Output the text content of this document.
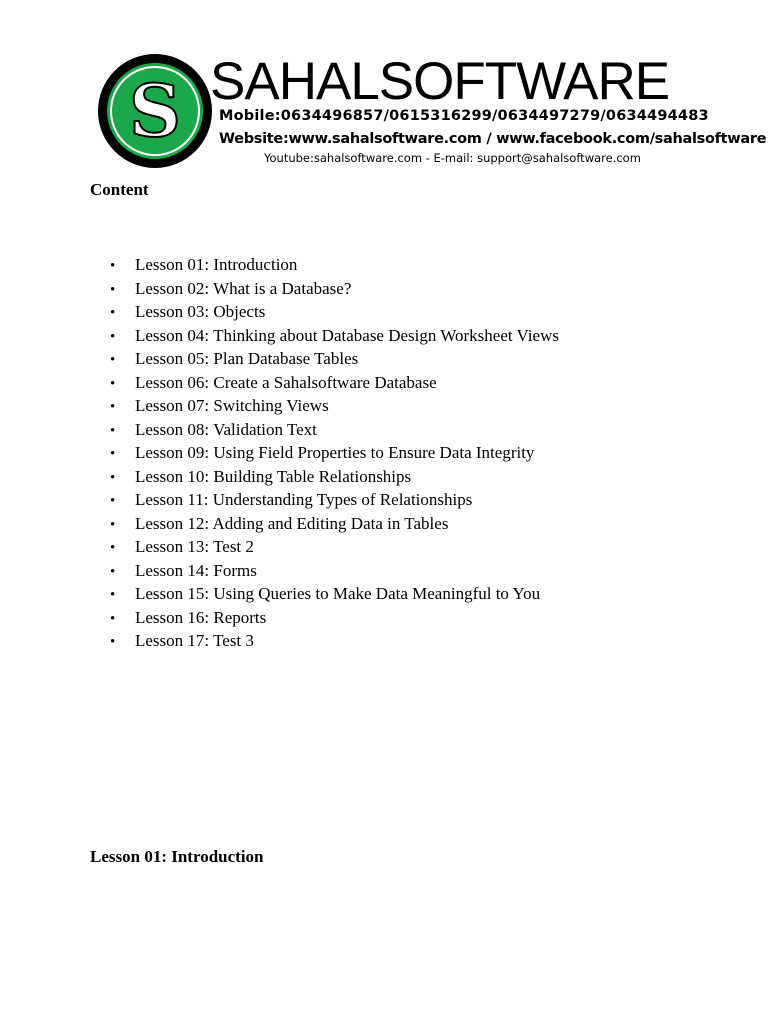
S SAHALSOFTWARE
Mobile:0634496857/0615316299/0634497279/0634494483
Website:www.sahalsoftware.com / www.facebook.com/sahalsoftware
Youtube:sahalsoftware.com - E-mail: support@sahalsoftware.com
Content
• Lesson 01: Introduction
• Lesson 02: What is a Database?
• Lesson 03: Objects
• Lesson 04: Thinking about Database Design Worksheet Views
• Lesson 05: Plan Database Tables
• Lesson 06: Create a Sahalsoftware Database
• Lesson 07: Switching Views
• Lesson 08: Validation Text
• Lesson 09: Using Field Properties to Ensure Data Integrity
• Lesson 10: Building Table Relationships
• Lesson 11: Understanding Types of Relationships
• Lesson 12: Adding and Editing Data in Tables
• Lesson 13: Test 2
• Lesson 14: Forms
• Lesson 15: Using Queries to Make Data Meaningful to You
• Lesson 16: Reports
• Lesson 17: Test 3
Lesson 01: Introduction
